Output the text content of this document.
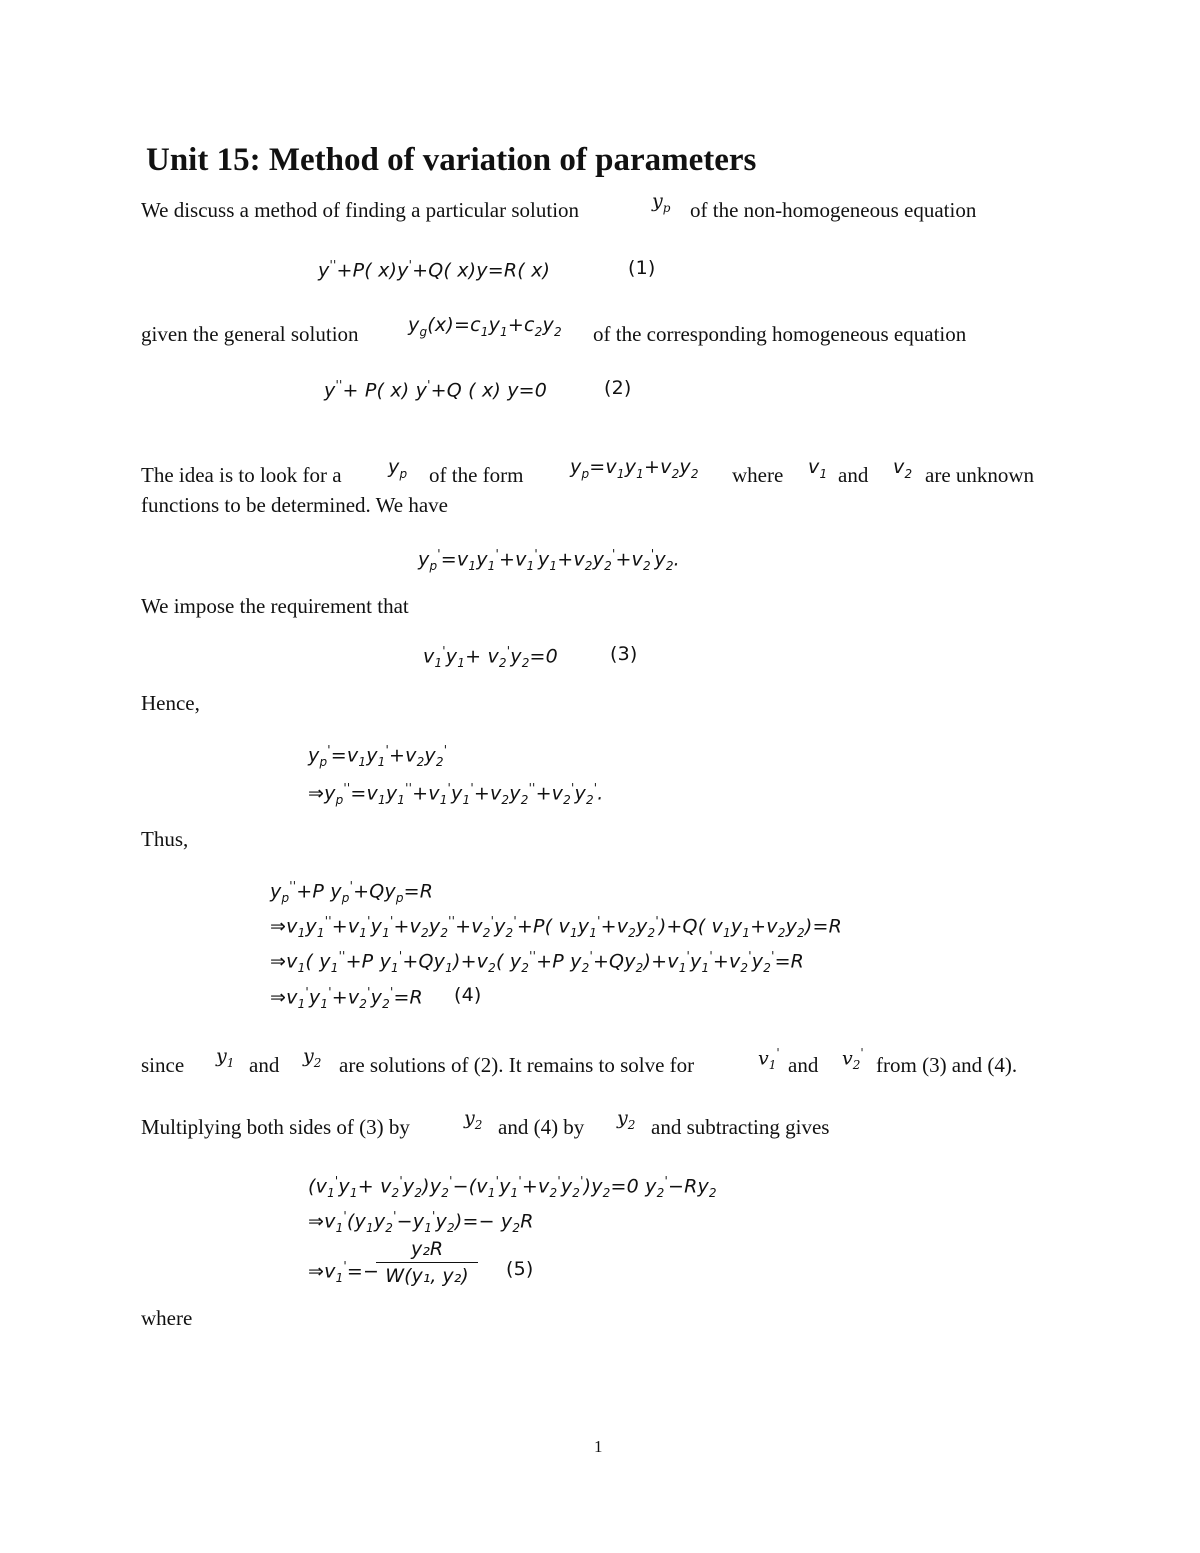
Unit 15: Method of variation of parameters
We discuss a method of finding a particular solution	$y_p$ of the non-homogeneous equation
y''+P( x)y'+Q( x)y=R( x)	(1)
given the general solution	$y_g(x)=c_1y_1+c_2y_2$ of the corresponding homogeneous equation
y''+ P( x) y'+Q ( x) y=0	(2)
The idea is to look for a $y_p$ of the form $y_p=v_1y_1+v_2y_2$ where $v_1$ and $v_2$ are unknown
functions to be determined. We have
$y_p'=v_1y_1'+v_1'y_1+v_2y_2'+v_2'y_2$.
We impose the requirement that
$v_1'y_1+ v_2'y_2=0$	(3)
Hence,
$y_p'=v_1y_1'+v_2y_2'$
$\Rightarrow y_p''=v_1y_1''+v_1'y_1'+v_2y_2''+v_2'y_2'$.
Thus,
$y_p''+P$ $y_p'+Qy_p=R$
$\Rightarrow v_1y_1''+v_1'y_1'+v_2y_2''+v_2'y_2'+P$( $v_1y_1'+v_2y_2')+Q$( $v_1y_1+v_2y_2)=R$
$\Rightarrow v_1$( $y_1''+P$ $y_1'+Qy_1)+v_2$( $y_2''+P$ $y_2'+Qy_2)+v_1'y_1'+v_2'y_2'=R$
$\Rightarrow v_1'y_1'+v_2'y_2'=R$ (4)
since $y_1$ and $y_2$ are solutions of (2). It remains to solve for	$v_1'$ and $v_2'$ from (3) and (4).
Multiplying both sides of (3) by	$y_2$ and (4) by $y_2$ and subtracting gives
$(v_1'y_1+ v_2'y_2)y_2'-(v_1'y_1'+v_2'y_2')y_2=0$ $y_2'-Ry_2$
$\Rightarrow v_1'(y_1y_2'-y_1'y_2)=- y_2R$
$\Rightarrow v_1'=-$
y₂R
W(y₁, y₂)	(5)
where
1
